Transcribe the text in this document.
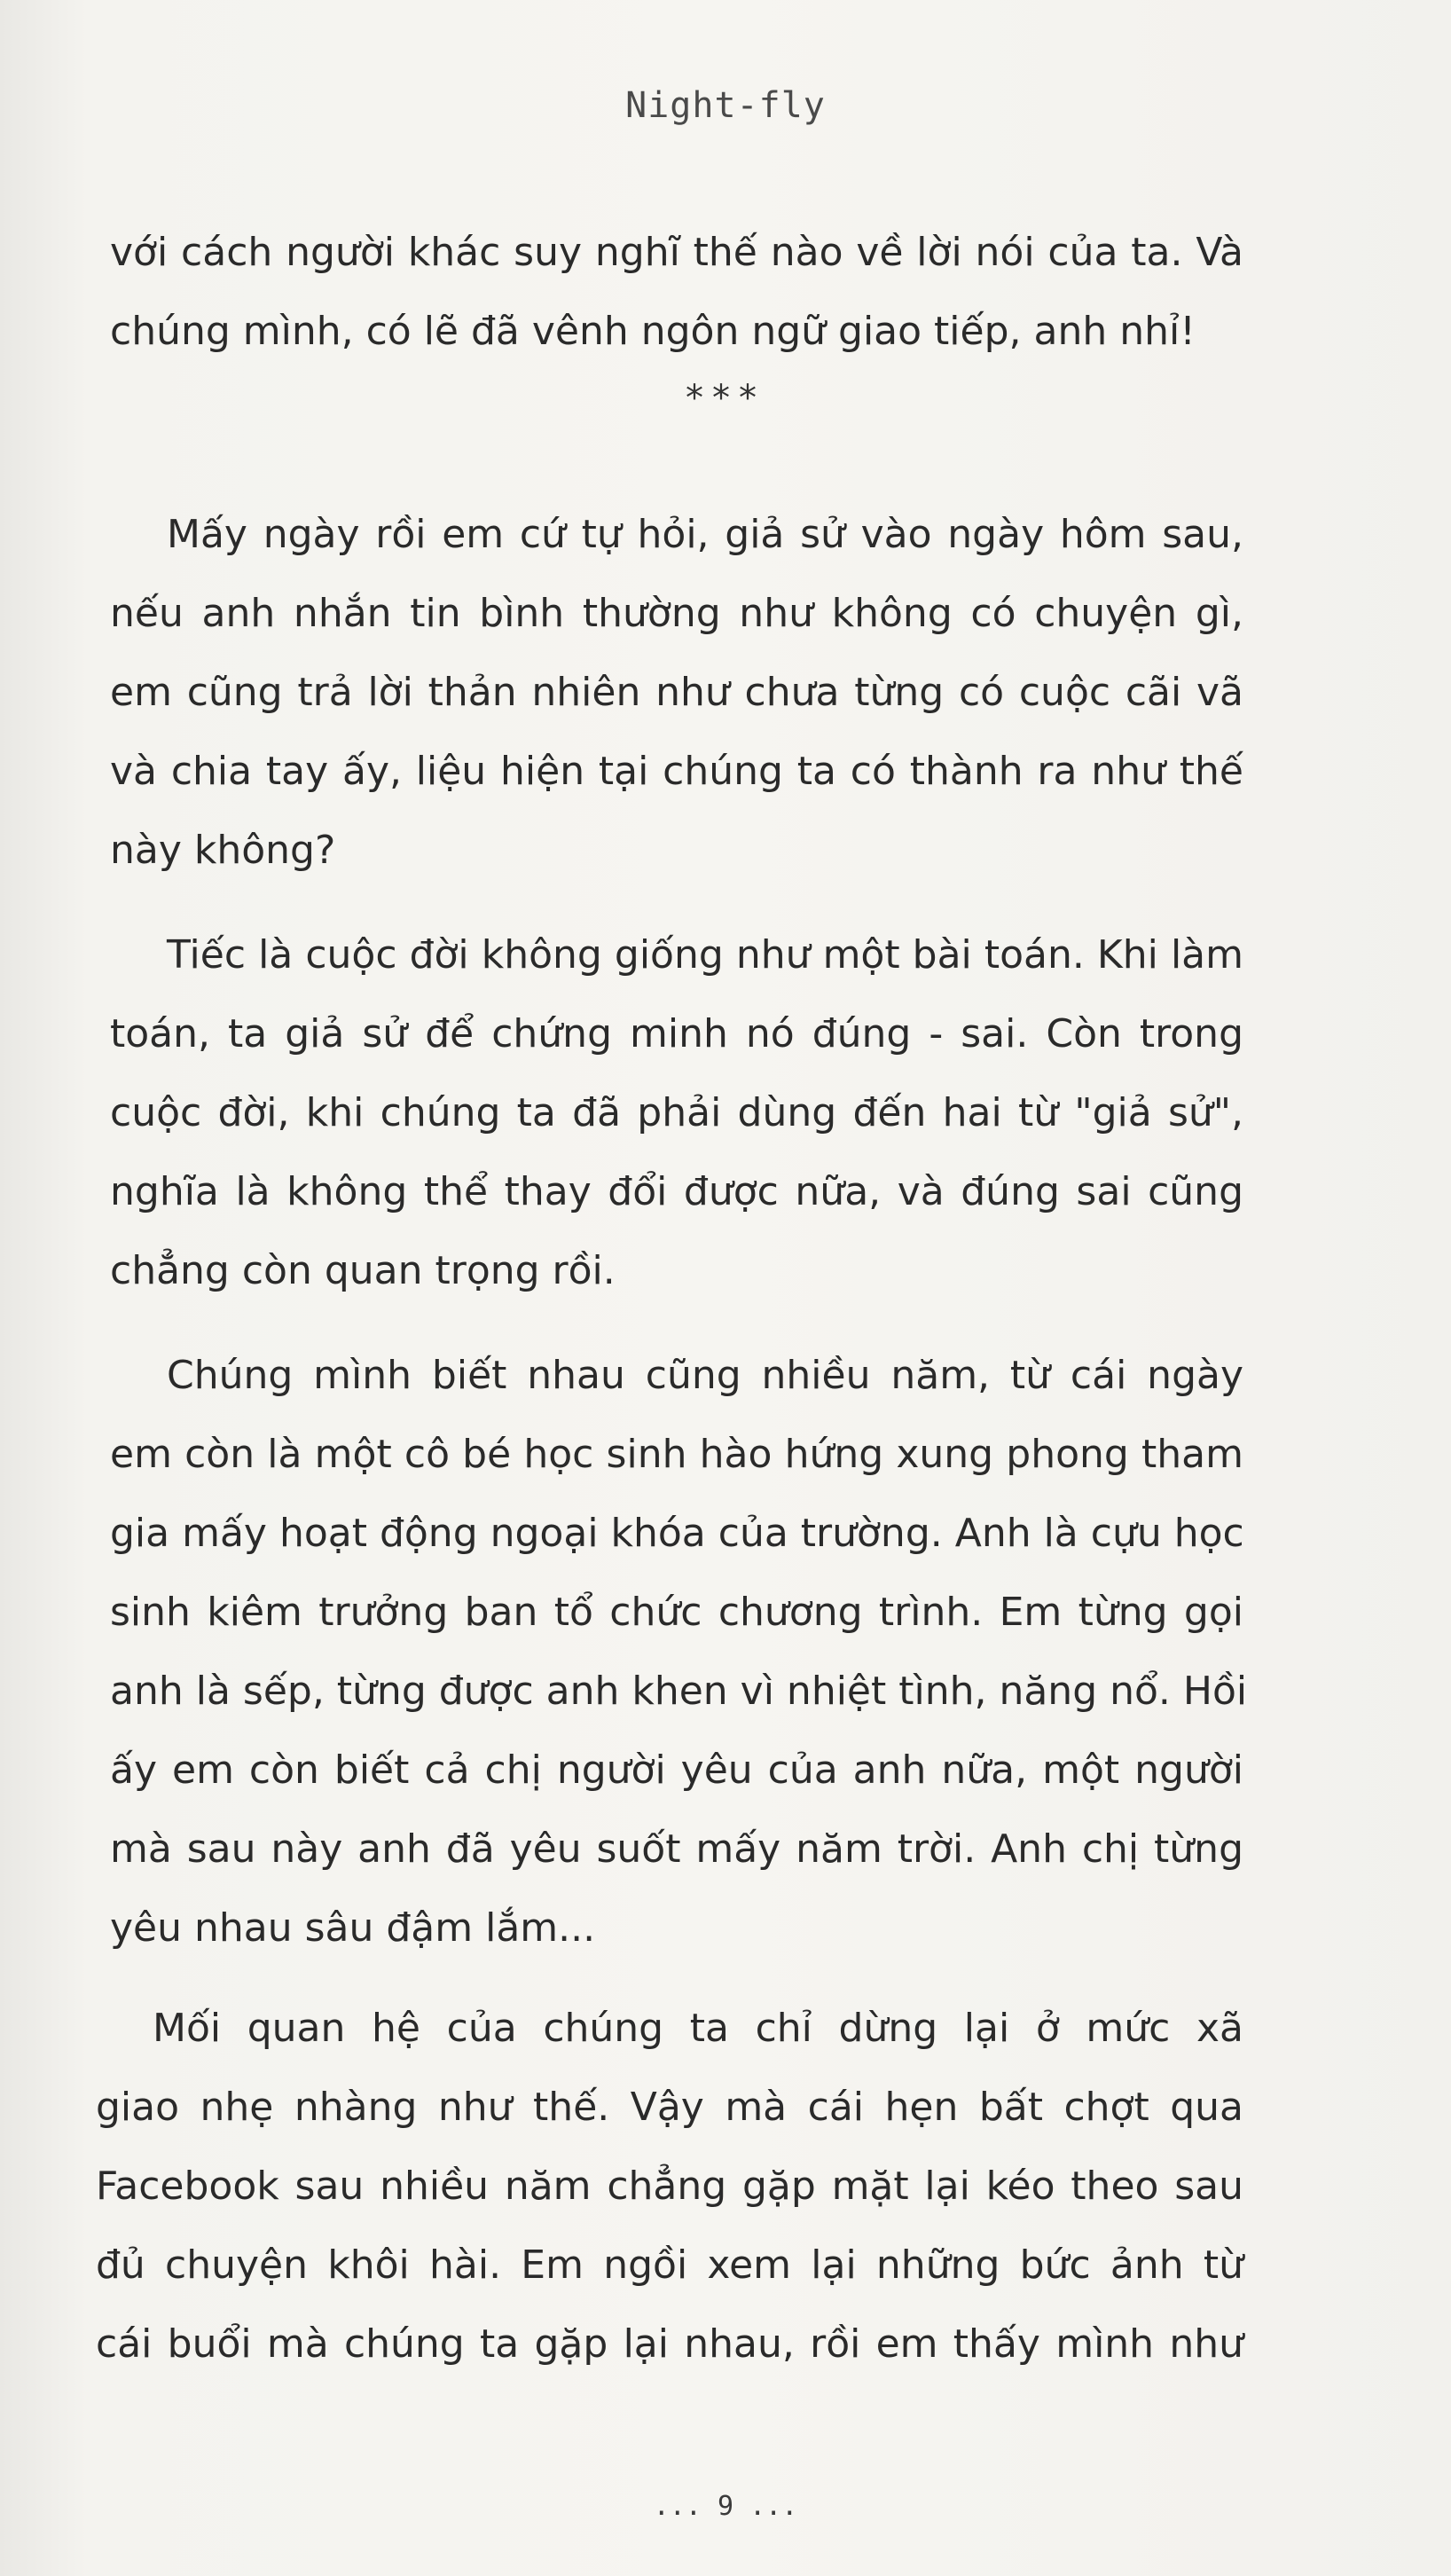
Night-fly
với cách người khác suy nghĩ thế nào về lời nói của ta. Và
chúng mình, có lẽ đã vênh ngôn ngữ giao tiếp, anh nhỉ!
***
Mấy ngày rồi em cứ tự hỏi, giả sử vào ngày hôm sau,
nếu anh nhắn tin bình thường như không có chuyện gì,
em cũng trả lời thản nhiên như chưa từng có cuộc cãi vã
và chia tay ấy, liệu hiện tại chúng ta có thành ra như thế
này không?
Tiếc là cuộc đời không giống như một bài toán. Khi làm
toán, ta giả sử để chứng minh nó đúng - sai. Còn trong
cuộc đời, khi chúng ta đã phải dùng đến hai từ "giả sử",
nghĩa là không thể thay đổi được nữa, và đúng sai cũng
chẳng còn quan trọng rồi.
Chúng mình biết nhau cũng nhiều năm, từ cái ngày
em còn là một cô bé học sinh hào hứng xung phong tham
gia mấy hoạt động ngoại khóa của trường. Anh là cựu học
sinh kiêm trưởng ban tổ chức chương trình. Em từng gọi
anh là sếp, từng được anh khen vì nhiệt tình, năng nổ. Hồi
ấy em còn biết cả chị người yêu của anh nữa, một người
mà sau này anh đã yêu suốt mấy năm trời. Anh chị từng
yêu nhau sâu đậm lắm...
Mối quan hệ của chúng ta chỉ dừng lại ở mức xã
giao nhẹ nhàng như thế. Vậy mà cái hẹn bất chợt qua
Facebook sau nhiều năm chẳng gặp mặt lại kéo theo sau
đủ chuyện khôi hài. Em ngồi xem lại những bức ảnh từ
cái buổi mà chúng ta gặp lại nhau, rồi em thấy mình như
... 9 ...
